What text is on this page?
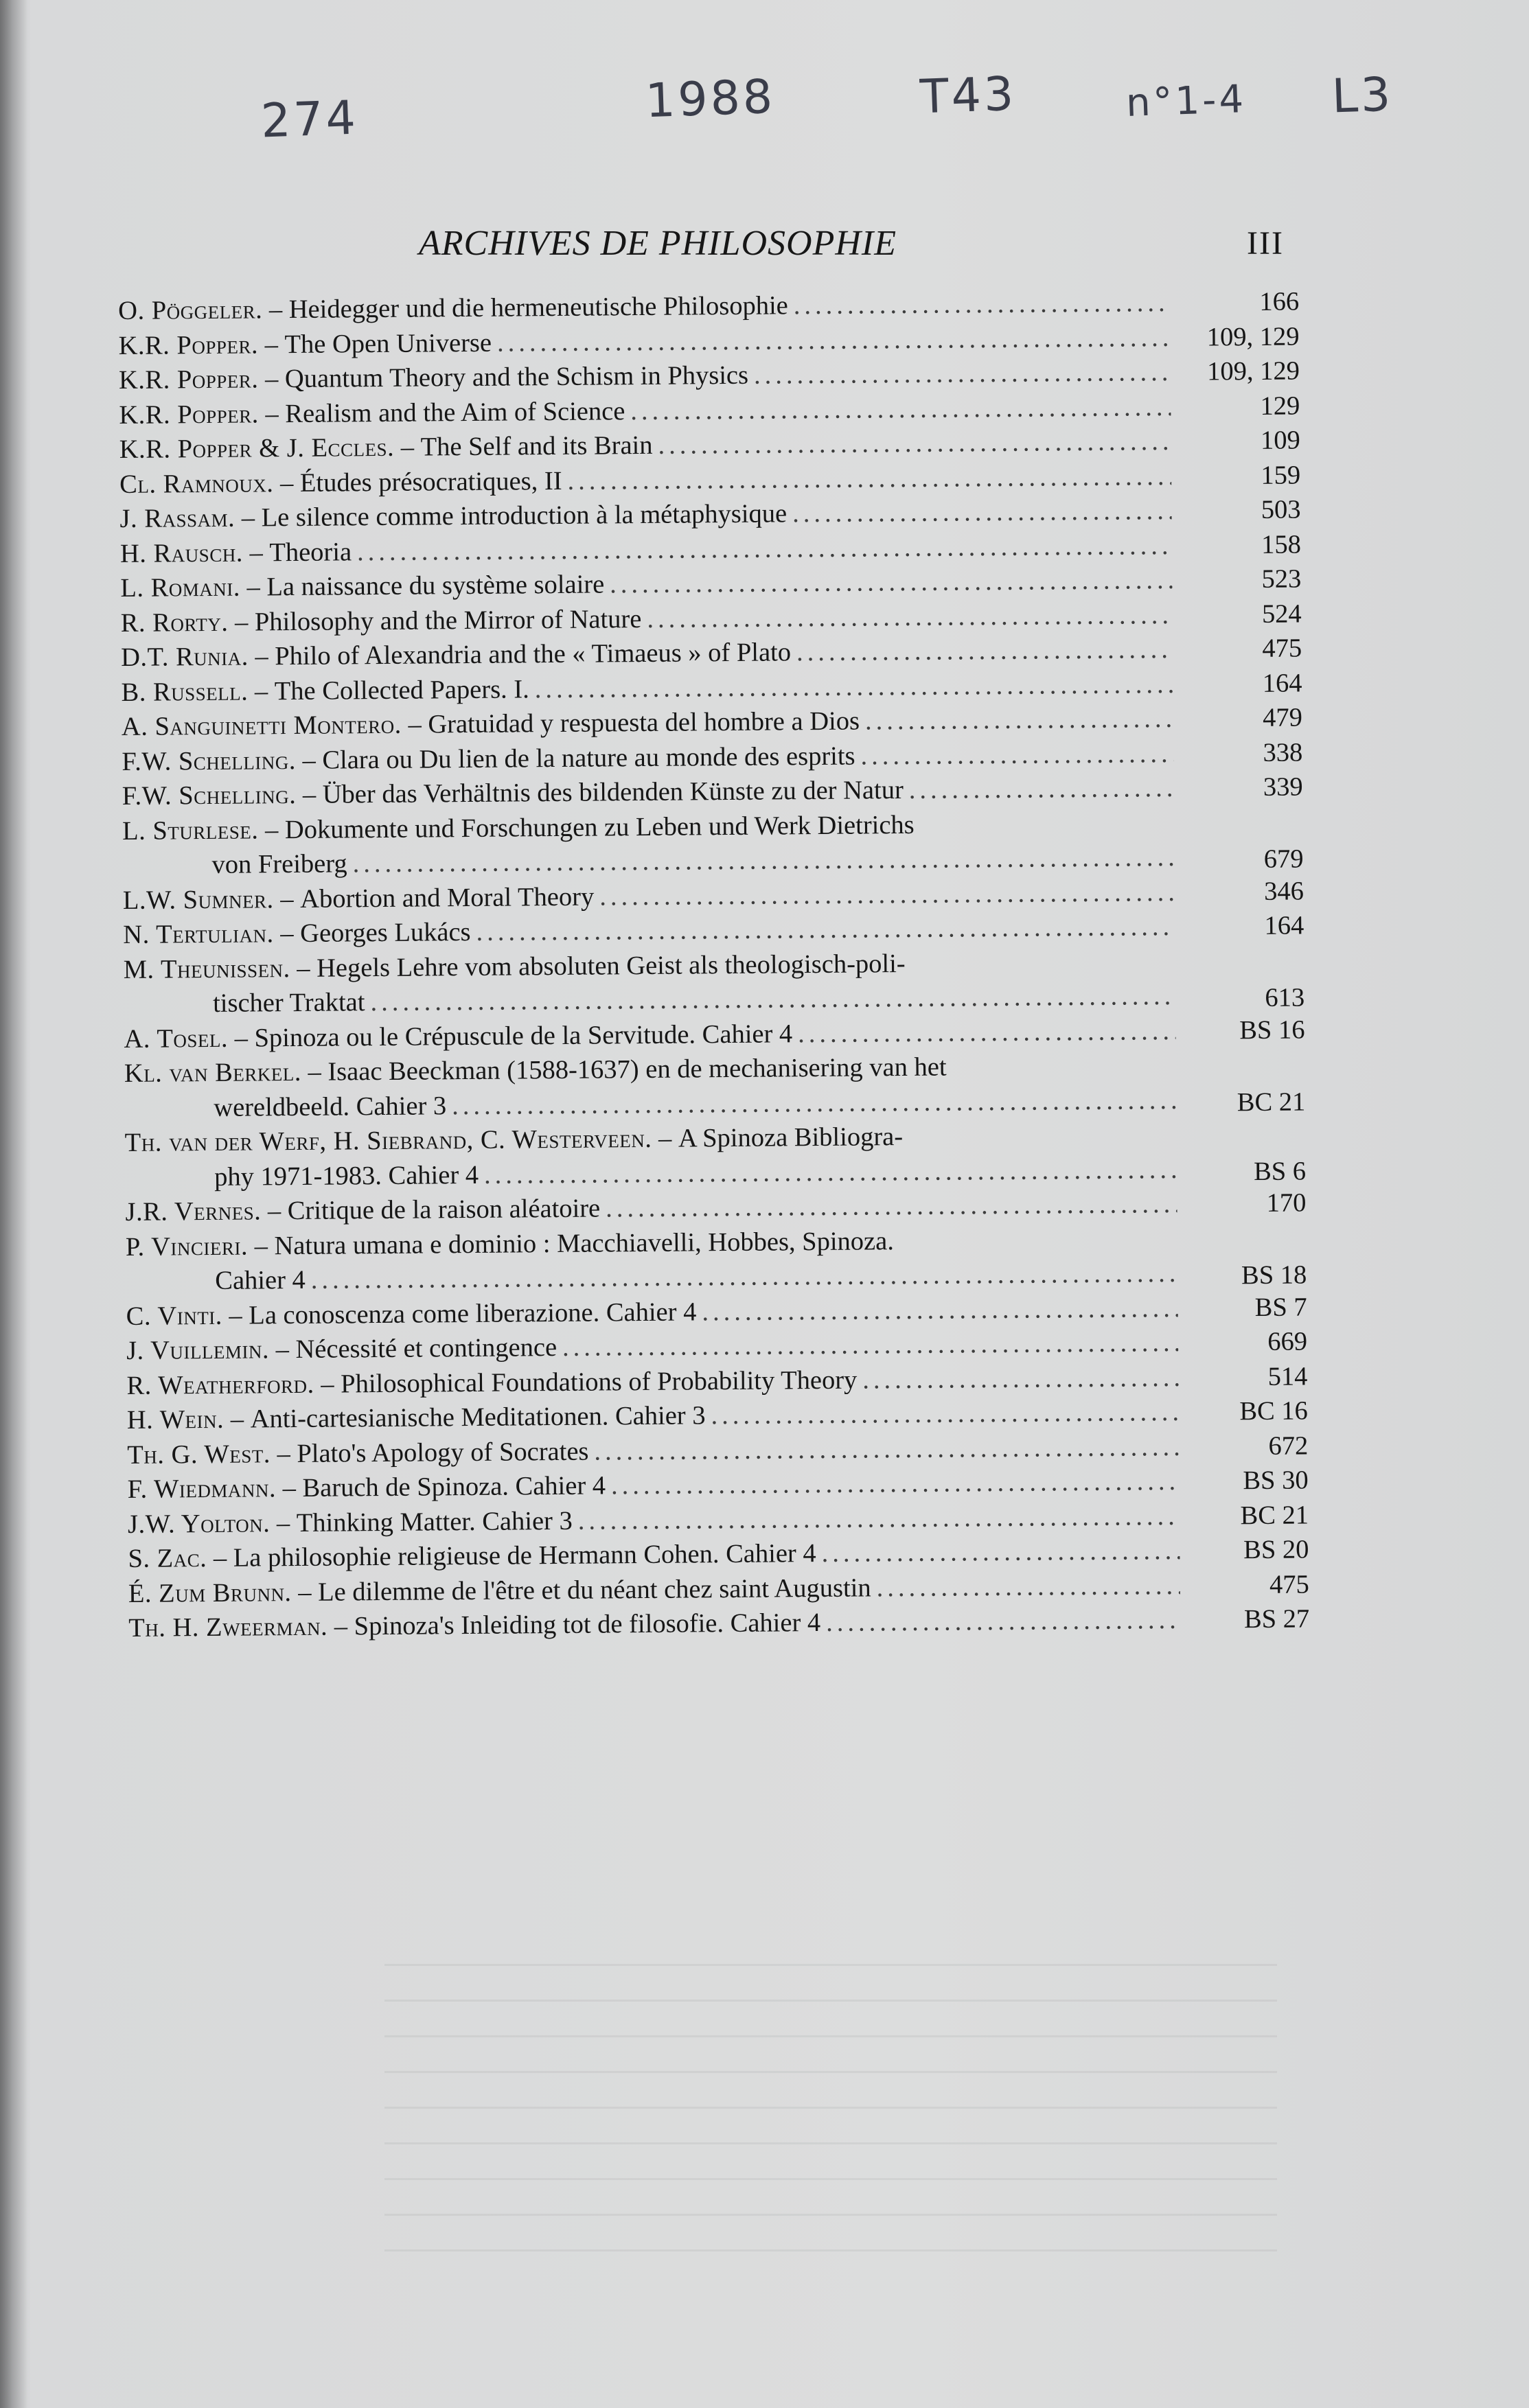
274	1988	T43	n°1-4 L3
ARCHIVES DE PHILOSOPHIE	III
O. Pöggeler. – Heidegger und die hermeneutische Philosophie .....	166
K.R. Popper. – The Open Universe .....	109, 129
K.R. Popper. – Quantum Theory and the Schism in Physics .....	109, 129
K.R. Popper. – Realism and the Aim of Science .....	129
K.R. Popper & J. Eccles. – The Self and its Brain .....	109
Cl. Ramnoux. – Études présocratiques, II .....	159
J. Rassam. – Le silence comme introduction à la métaphysique .....	503
H. Rausch. – Theoria .....	158
L. Romani. – La naissance du système solaire .....	523
R. Rorty. – Philosophy and the Mirror of Nature .....	524
D.T. Runia. – Philo of Alexandria and the « Timaeus » of Plato .....	475
B. Russell. – The Collected Papers. I. .....	164
A. Sanguinetti Montero. – Gratuidad y respuesta del hombre a Dios .....	479
F.W. Schelling. – Clara ou Du lien de la nature au monde des esprits .....	338
F.W. Schelling. – Über das Verhältnis des bildenden Künste zu der Natur .....	339
L. Sturlese. – Dokumente und Forschungen zu Leben und Werk Dietrichs
von Freiberg .....	679
L.W. Sumner. – Abortion and Moral Theory .....	346
N. Tertulian. – Georges Lukács .....	164
M. Theunissen. – Hegels Lehre vom absoluten Geist als theologisch-poli-
tischer Traktat .....	613
A. Tosel. – Spinoza ou le Crépuscule de la Servitude. Cahier 4 .....	BS 16
Kl. van Berkel. – Isaac Beeckman (1588-1637) en de mechanisering van het
wereldbeeld. Cahier 3 .....	BC 21
Th. van der Werf, H. Siebrand, C. Westerveen. – A Spinoza Bibliogra-
phy 1971-1983. Cahier 4 .....	BS 6
J.R. Vernes. – Critique de la raison aléatoire .....	170
P. Vincieri. – Natura umana e dominio : Macchiavelli, Hobbes, Spinoza.
Cahier 4 .....	BS 18
C. Vinti. – La conoscenza come liberazione. Cahier 4 .....	BS 7
J. Vuillemin. – Nécessité et contingence .....	669
R. Weatherford. – Philosophical Foundations of Probability Theory .....	514
H. Wein. – Anti-cartesianische Meditationen. Cahier 3 .....	BC 16
Th. G. West. – Plato's Apology of Socrates .....	672
F. Wiedmann. – Baruch de Spinoza. Cahier 4 .....	BS 30
J.W. Yolton. – Thinking Matter. Cahier 3 .....	BC 21
S. Zac. – La philosophie religieuse de Hermann Cohen. Cahier 4 .....	BS 20
É. Zum Brunn. – Le dilemme de l'être et du néant chez saint Augustin .....	475
Th. H. Zweerman. – Spinoza's Inleiding tot de filosofie. Cahier 4 .....	BS 27
